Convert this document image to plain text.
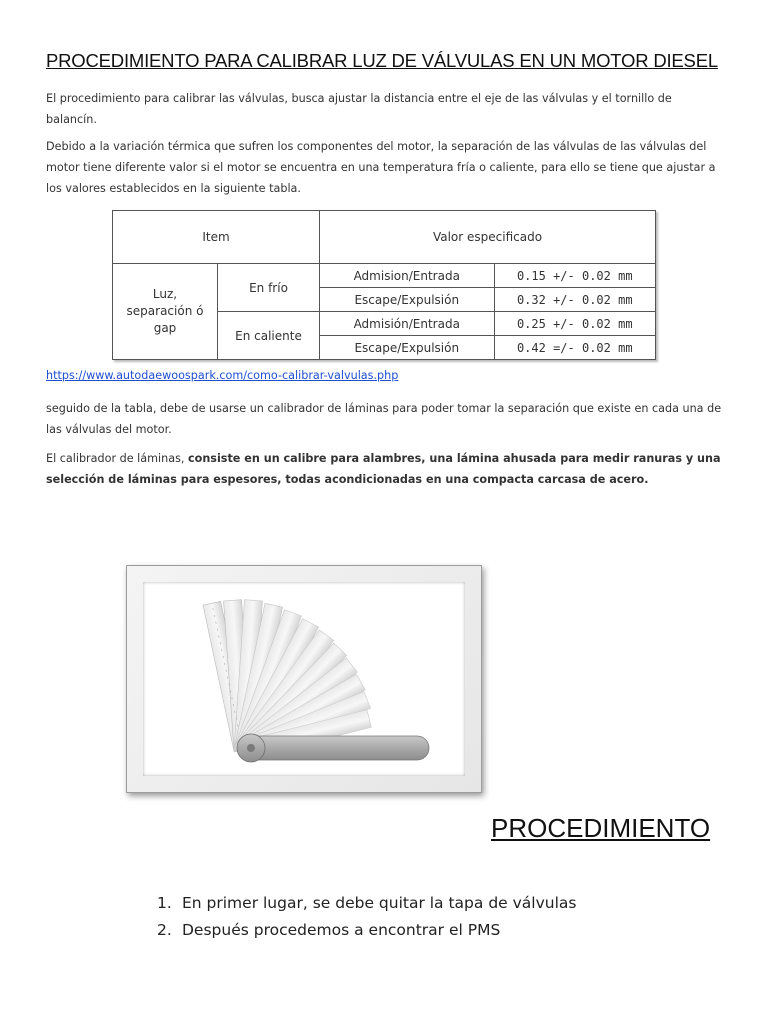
PROCEDIMIENTO PARA CALIBRAR LUZ DE VÁLVULAS EN UN MOTOR DIESEL
El procedimiento para calibrar las válvulas, busca ajustar la distancia entre el eje de las válvulas y el tornillo de balancín.
Debido a la variación térmica que sufren los componentes del motor, la separación de las válvulas de las válvulas del motor tiene diferente valor si el motor se encuentra en una temperatura fría o caliente, para ello se tiene que ajustar a los valores establecidos en la siguiente tabla.
Item		Valor especificado	
Luz, separación ó gap	En frío	Admision/Entrada	0.15 +/- 0.02 mm
		Escape/Expulsión	0.32 +/- 0.02 mm
	En caliente	Admisión/Entrada	0.25 +/- 0.02 mm
		Escape/Expulsión	0.42 =/- 0.02 mm
https://www.autodaewoospark.com/como-calibrar-valvulas.php
seguido de la tabla, debe de usarse un calibrador de láminas para poder tomar la separación que existe en cada una de las válvulas del motor.
El calibrador de láminas, consiste en un calibre para alambres, una lámina ahusada para medir ranuras y una selección de láminas para espesores, todas acondicionadas en una compacta carcasa de acero.
PROCEDIMIENTO
1. En primer lugar, se debe quitar la tapa de válvulas
2. Después procedemos a encontrar el PMS
